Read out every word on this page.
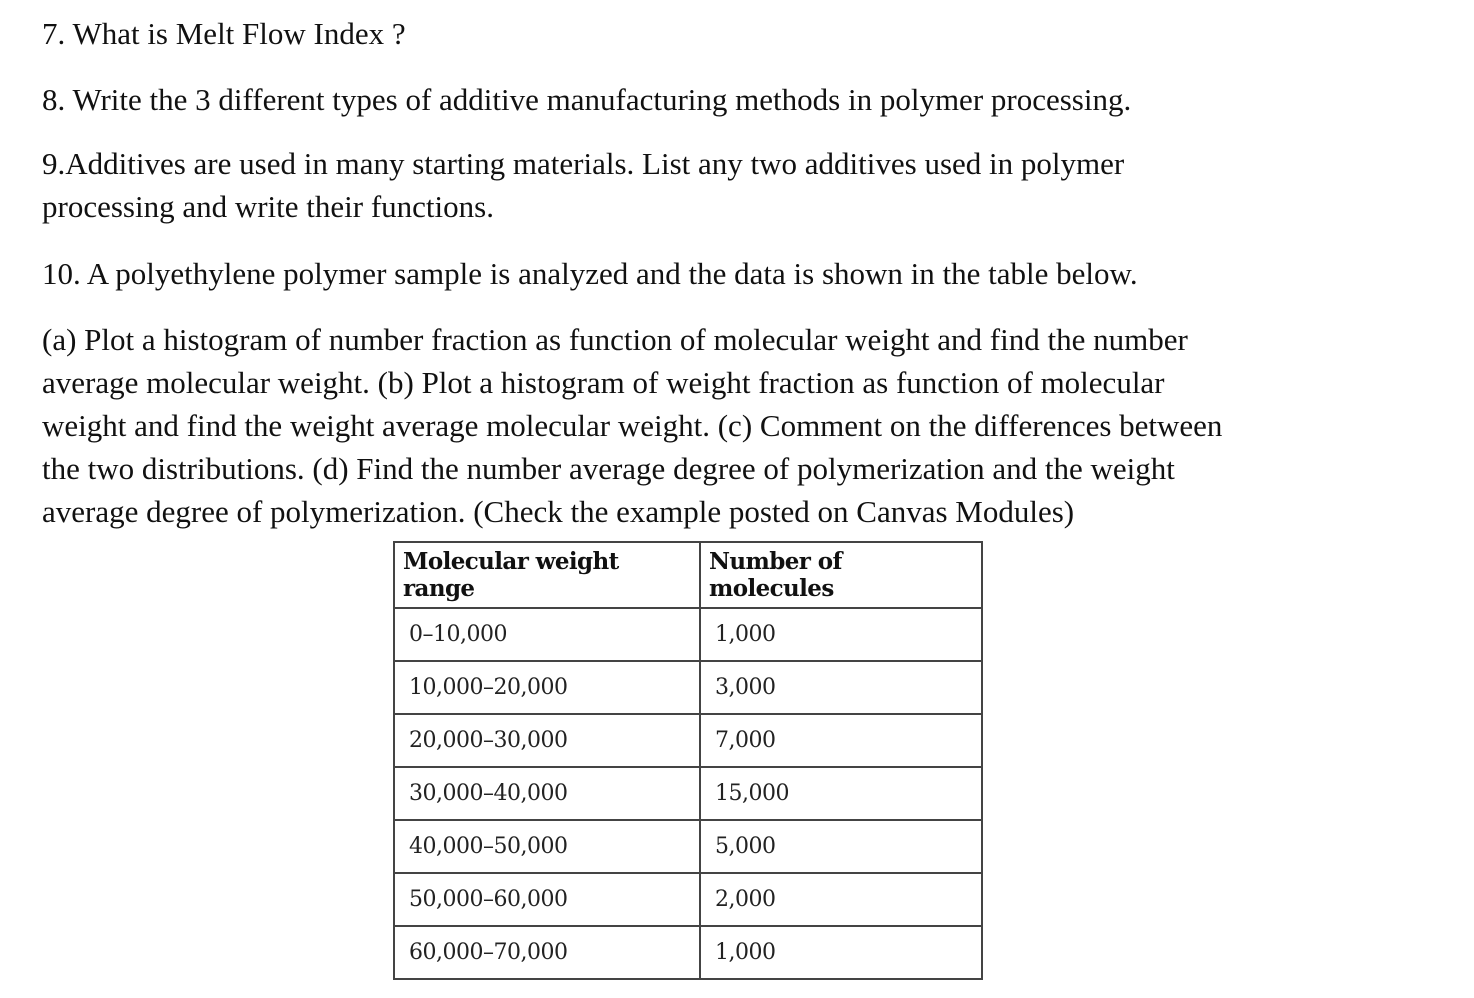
7. What is Melt Flow Index ?

8. Write the 3 different types of additive manufacturing methods in polymer processing.

9.Additives are used in many starting materials. List any two additives used in polymer
processing and write their functions.

10. A polyethylene polymer sample is analyzed and the data is shown in the table below.

(a) Plot a histogram of number fraction as function of molecular weight and find the number
average molecular weight. (b) Plot a histogram of weight fraction as function of molecular
weight and find the weight average molecular weight. (c) Comment on the differences between
the two distributions. (d) Find the number average degree of polymerization and the weight
average degree of polymerization. (Check the example posted on Canvas Modules)

Molecular weight range	Number of molecules
0–10,000	1,000
10,000–20,000	3,000
20,000–30,000	7,000
30,000–40,000	15,000
40,000–50,000	5,000
50,000–60,000	2,000
60,000–70,000	1,000
